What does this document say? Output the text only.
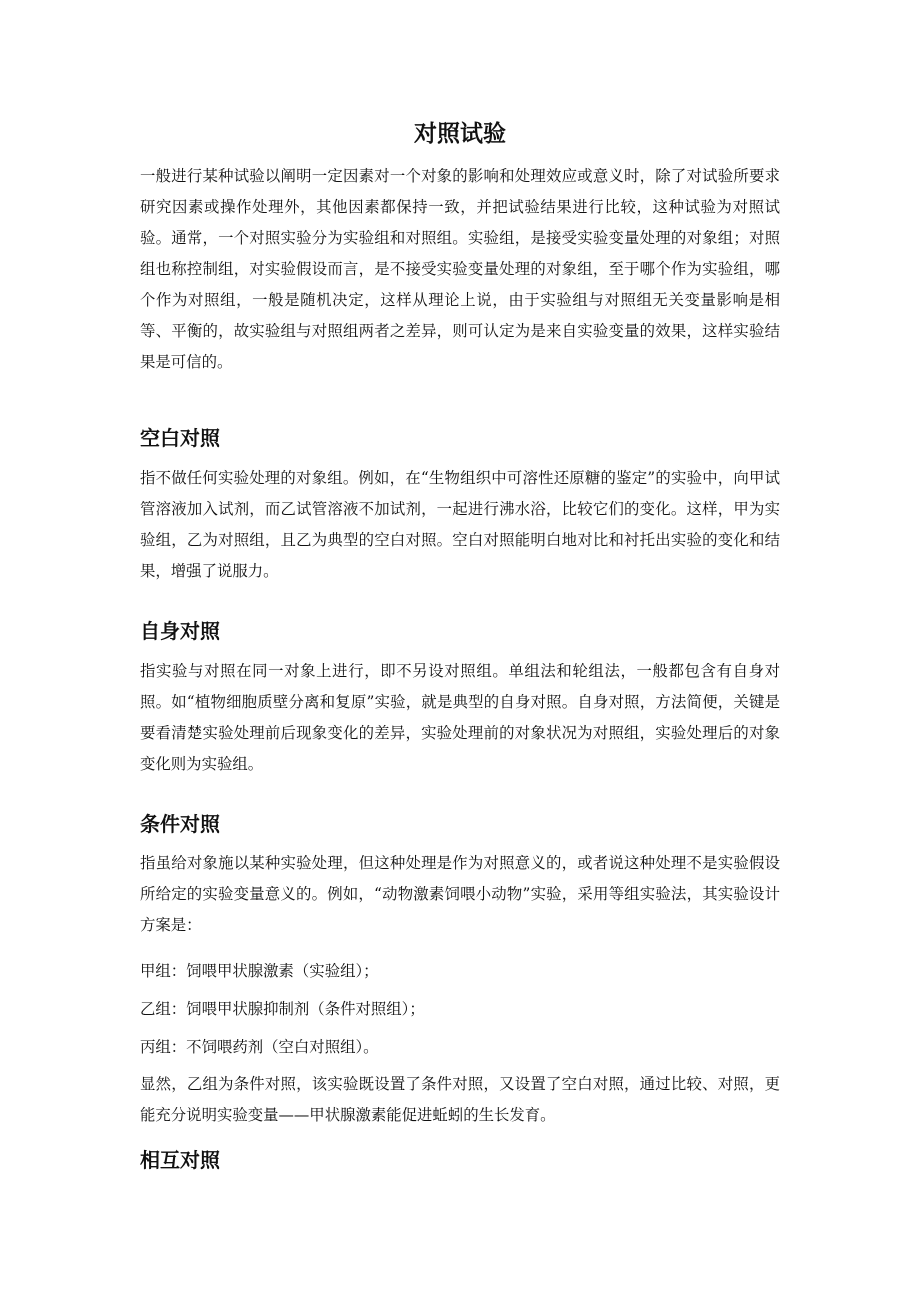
对照试验

一般进行某种试验以阐明一定因素对一个对象的影响和处理效应或意义时，除了对试验所要求研究因素或操作处理外，其他因素都保持一致，并把试验结果进行比较，这种试验为对照试验。通常，一个对照实验分为实验组和对照组。实验组，是接受实验变量处理的对象组；对照组也称控制组，对实验假设而言，是不接受实验变量处理的对象组，至于哪个作为实验组，哪个作为对照组，一般是随机决定，这样从理论上说，由于实验组与对照组无关变量影响是相等、平衡的，故实验组与对照组两者之差异，则可认定为是来自实验变量的效果，这样实验结果是可信的。

空白对照

指不做任何实验处理的对象组。例如，在“生物组织中可溶性还原糖的鉴定”的实验中，向甲试管溶液加入试剂，而乙试管溶液不加试剂，一起进行沸水浴，比较它们的变化。这样，甲为实验组，乙为对照组，且乙为典型的空白对照。空白对照能明白地对比和衬托出实验的变化和结果，增强了说服力。

自身对照

指实验与对照在同一对象上进行，即不另设对照组。单组法和轮组法，一般都包含有自身对照。如“植物细胞质壁分离和复原”实验，就是典型的自身对照。自身对照，方法简便，关键是要看清楚实验处理前后现象变化的差异，实验处理前的对象状况为对照组，实验处理后的对象变化则为实验组。

条件对照

指虽给对象施以某种实验处理，但这种处理是作为对照意义的，或者说这种处理不是实验假设所给定的实验变量意义的。例如，“动物激素饲喂小动物”实验，采用等组实验法，其实验设计方案是：

甲组：饲喂甲状腺激素（实验组）；

乙组：饲喂甲状腺抑制剂（条件对照组）；

丙组：不饲喂药剂（空白对照组）。

显然，乙组为条件对照，该实验既设置了条件对照，又设置了空白对照，通过比较、对照，更能充分说明实验变量——甲状腺激素能促进蚯蚓的生长发育。

相互对照
